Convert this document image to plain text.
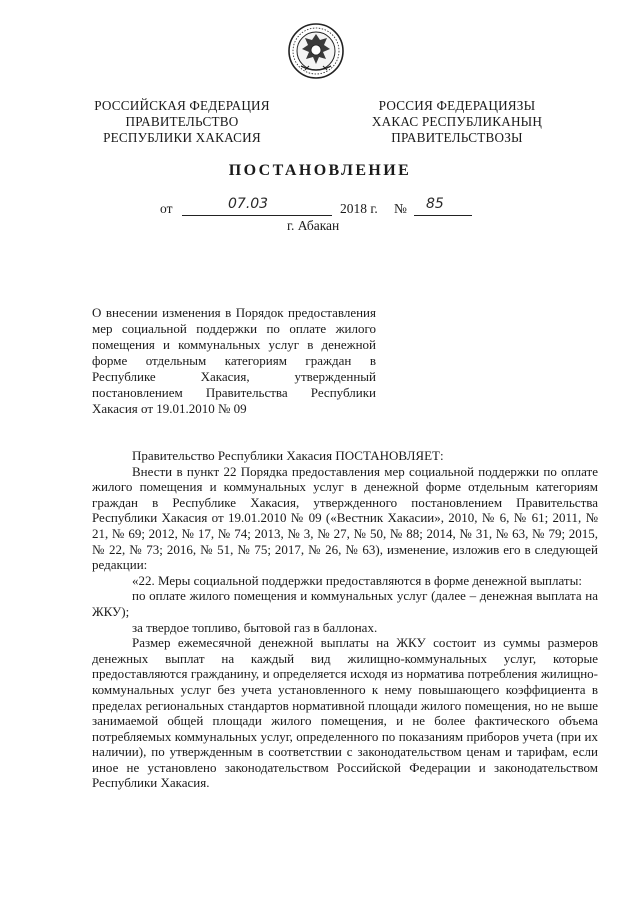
РОССИЙСКАЯ ФЕДЕРАЦИЯ
ПРАВИТЕЛЬСТВО
РЕСПУБЛИКИ ХАКАСИЯ
РОССИЯ ФЕДЕРАЦИЯЗЫ
ХАКАС РЕСПУБЛИКАНЫҢ
ПРАВИТЕЛЬСТВОЗЫ
ПОСТАНОВЛЕНИЕ
от	07.03	2018 г. № 85
г. Абакан
О внесении изменения в Порядок предоставления мер социальной поддержки по оплате жилого помещения и коммунальных услуг в денежной форме отдельным категориям граждан в Республике Хакасия, утвержденный постановлением Правительства Республики Хакасия от 19.01.2010 № 09

Правительство Республики Хакасия ПОСТАНОВЛЯЕТ:

Внести в пункт 22 Порядка предоставления мер социальной поддержки по оплате жилого помещения и коммунальных услуг в денежной форме отдельным категориям граждан в Республике Хакасия, утвержденного постановлением Правительства Республики Хакасия от 19.01.2010 № 09 («Вестник Хакасии», 2010, № 6, № 61; 2011, № 21, № 69; 2012, № 17, № 74; 2013, № 3, № 27, № 50, № 88; 2014, № 31, № 63, № 79; 2015, № 22, № 73; 2016, № 51, № 75; 2017, № 26, № 63), изменение, изложив его в следующей редакции:

«22. Меры социальной поддержки предоставляются в форме денежной выплаты:

по оплате жилого помещения и коммунальных услуг (далее – денежная выплата на ЖКУ);

за твердое топливо, бытовой газ в баллонах.

Размер ежемесячной денежной выплаты на ЖКУ состоит из суммы размеров денежных выплат на каждый вид жилищно-коммунальных услуг, которые предоставляются гражданину, и определяется исходя из норматива потребления жилищно-коммунальных услуг без учета установленного к нему повышающего коэффициента в пределах региональных стандартов нормативной площади жилого помещения, но не выше занимаемой общей площади жилого помещения, и не более фактического объема потребляемых коммунальных услуг, определенного по показаниям приборов учета (при их наличии), по утвержденным в соответствии с законодательством ценам и тарифам, если иное не установлено законодательством Российской Федерации и законодательством Республики Хакасия.
